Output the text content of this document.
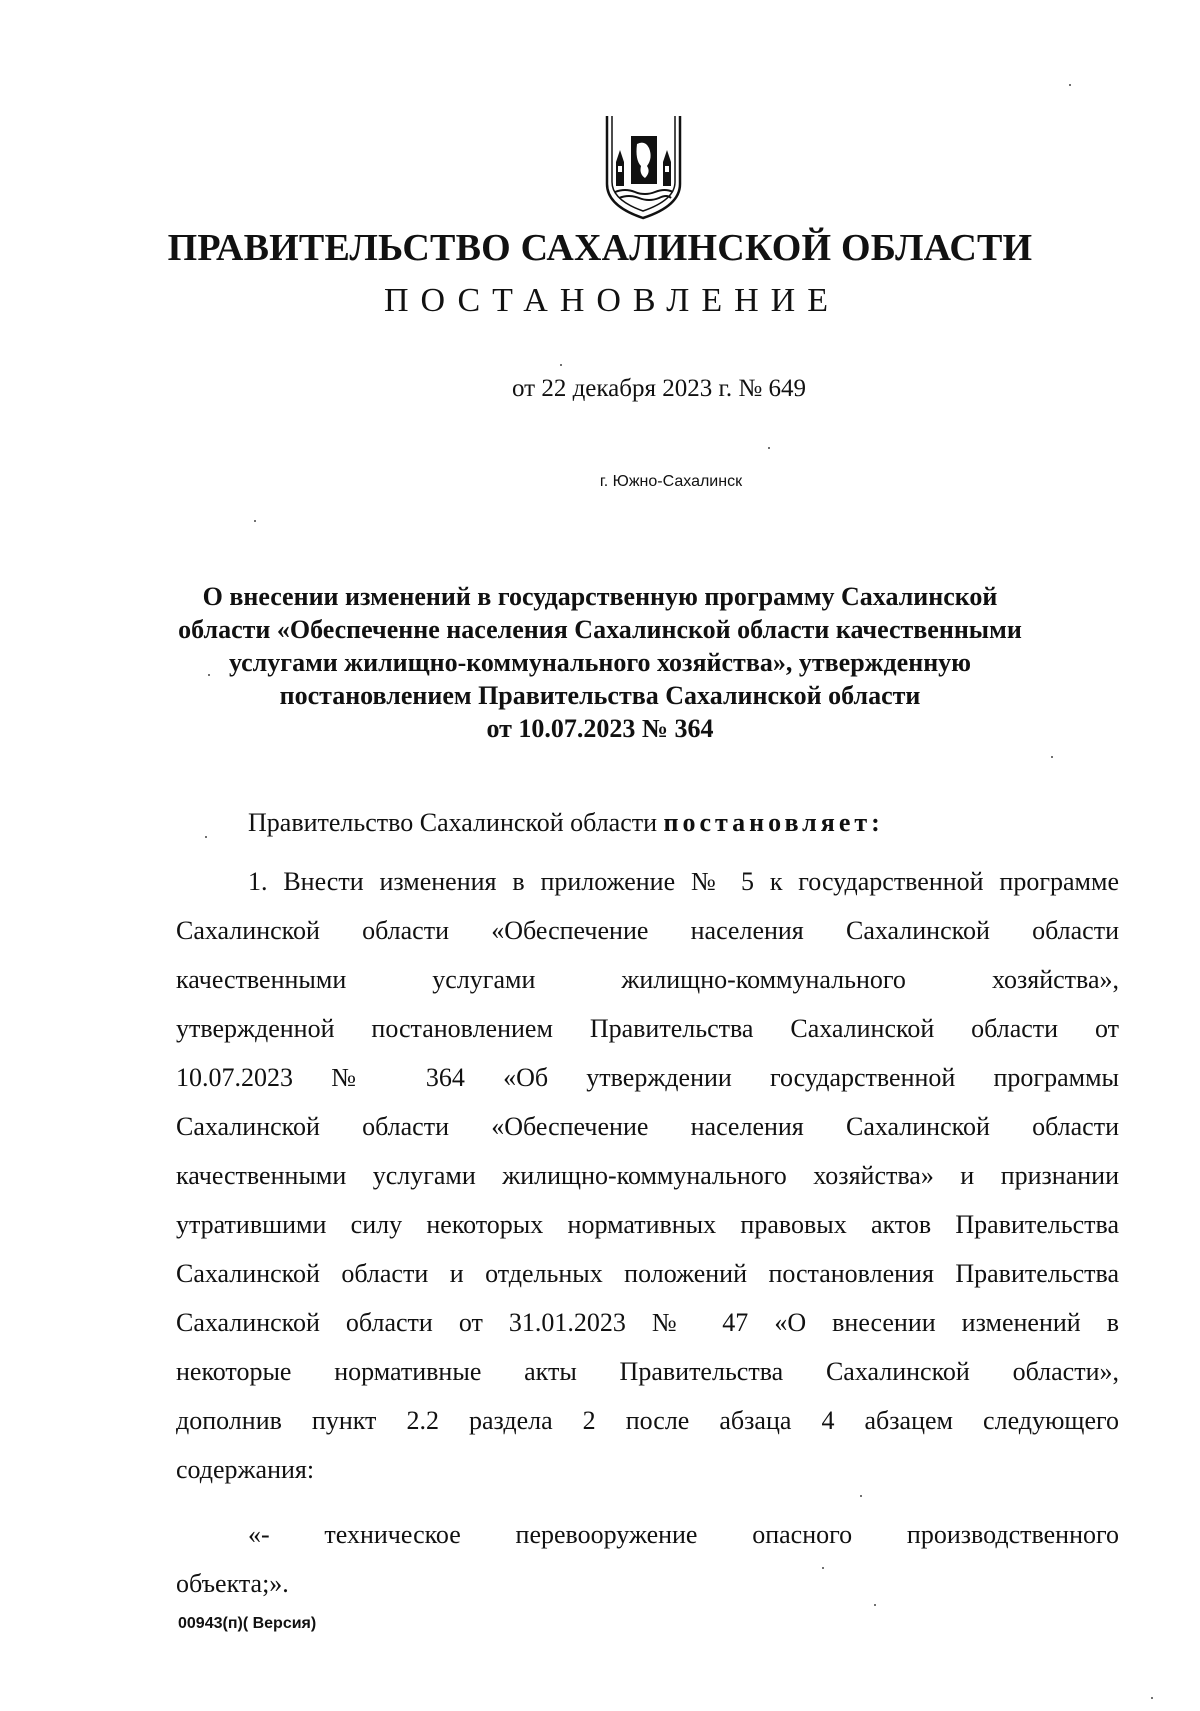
ПРАВИТЕЛЬСТВО САХАЛИНСКОЙ ОБЛАСТИ
ПОСТАНОВЛЕНИЕ
от 22 декабря 2023 г. № 649
г. Южно-Сахалинск
О внесении изменений в государственную программу Сахалинской
области «Обеспеченне населения Сахалинской области качественными
услугами жилищно-коммунального хозяйства», утвержденную
постановлением Правительства Сахалинской области
от 10.07.2023 № 364
Правительство Сахалинской области постановляет:
1. Внести изменения в приложение № 5 к государственной программе
Сахалинской области «Обеспечение населения Сахалинской области
качественными услугами жилищно-коммунального хозяйства»,
утвержденной постановлением Правительства Сахалинской области от
10.07.2023 № 364 «Об утверждении государственной программы
Сахалинской области «Обеспечение населения Сахалинской области
качественными услугами жилищно-коммунального хозяйства» и признании
утратившими силу некоторых нормативных правовых актов Правительства
Сахалинской области и отдельных положений постановления Правительства
Сахалинской области от 31.01.2023 № 47 «О внесении изменений в
некоторые нормативные акты Правительства Сахалинской области»,
дополнив пункт 2.2 раздела 2 после абзаца 4 абзацем следующего
содержания:
«- техническое перевооружение опасного производственного
объекта;».
00943(п)( Версия)
